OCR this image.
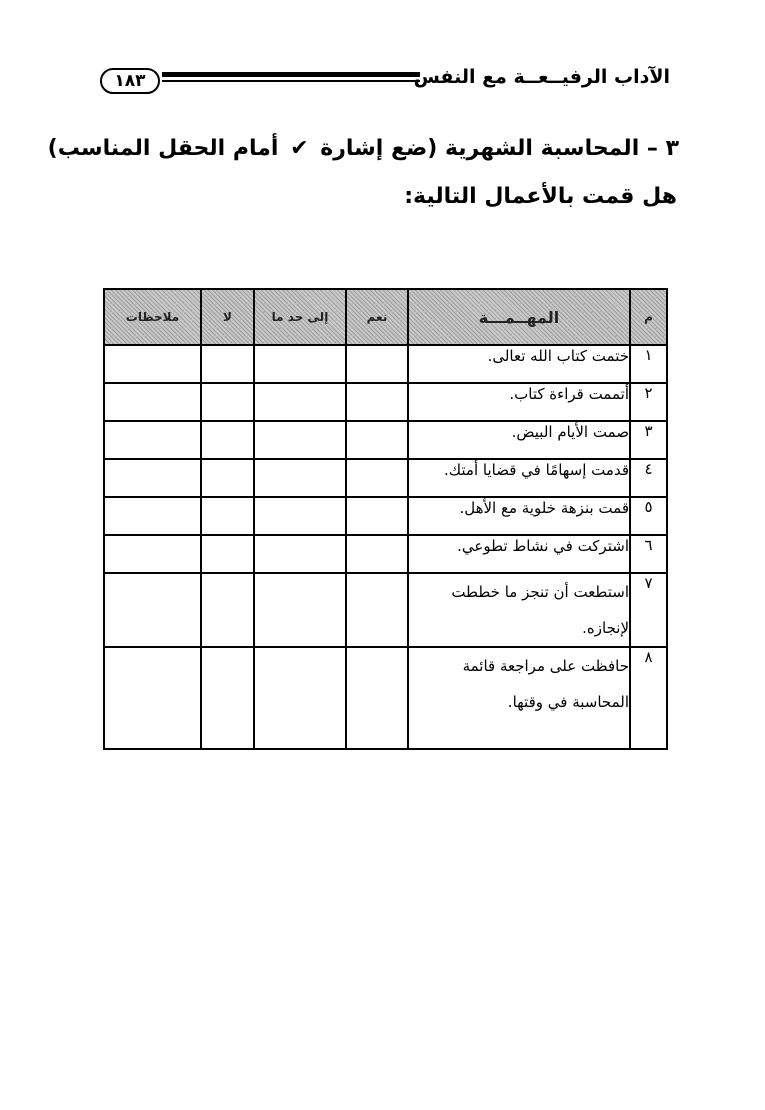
١٨٣	الآداب الرفيــعــة مع النفس
٣ – المحاسبة الشهرية (ضع إشارة ✔ أمام الحقل المناسب)
هل قمت بالأعمال التالية:
م	المهــمـــة	نعم	إلى حد ما	لا	ملاحظات
١	ختمت كتاب الله تعالى.				
٢	أتممت قراءة كتاب.				
٣	صمت الأيام البيض.				
٤	قدمت إسهامًا في قضايا أمتك.				
٥	قمت بنزهة خلوية مع الأهل.				
٦	اشتركت في نشاط تطوعي.				
٧	استطعت أن تنجز ما خططت لإنجازه.				
٨	حافظت على مراجعة قائمة المحاسبة في وقتها.				
